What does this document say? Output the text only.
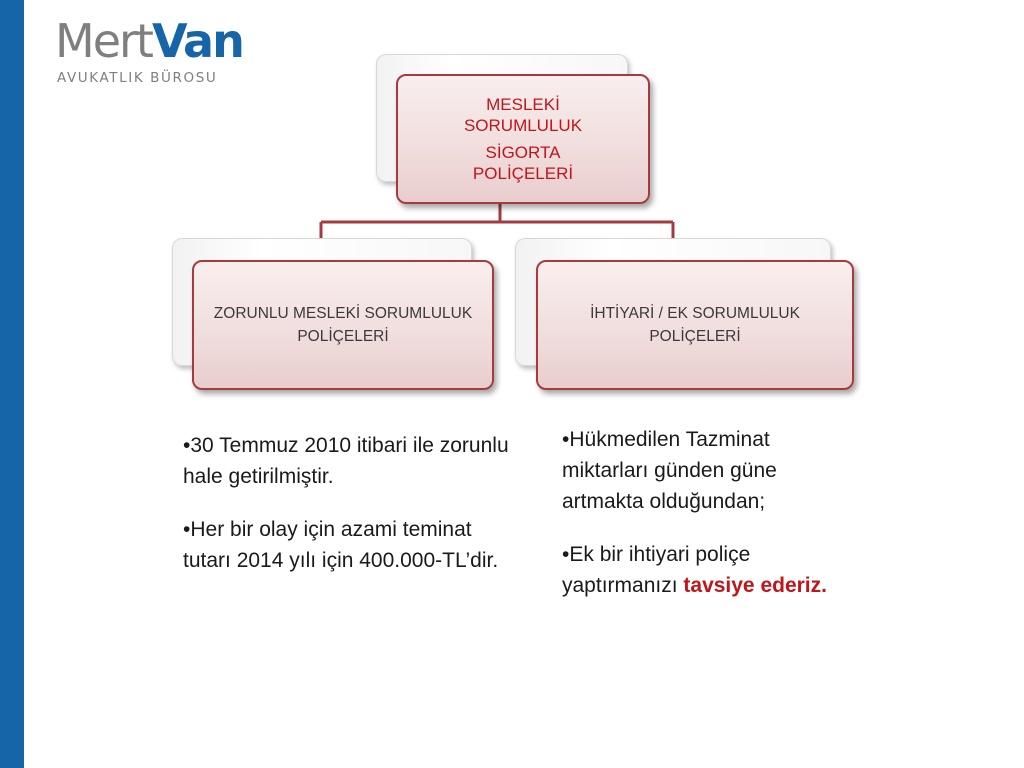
MertVan
AVUKATLIK BÜROSU
MESLEKİ SORUMLULUK
SİGORTA POLİÇELERİ
ZORUNLU MESLEKİ SORUMLULUK POLİÇELERİ
İHTİYARİ / EK SORUMLULUK POLİÇELERİ

•30 Temmuz 2010 itibari ile zorunlu hale getirilmiştir.

•Her bir olay için azami teminat tutarı 2014 yılı için 400.000-TL’dir.

•Hükmedilen Tazminat miktarları günden güne artmakta olduğundan;

•Ek bir ihtiyari poliçe yaptırmanızı tavsiye ederiz.
